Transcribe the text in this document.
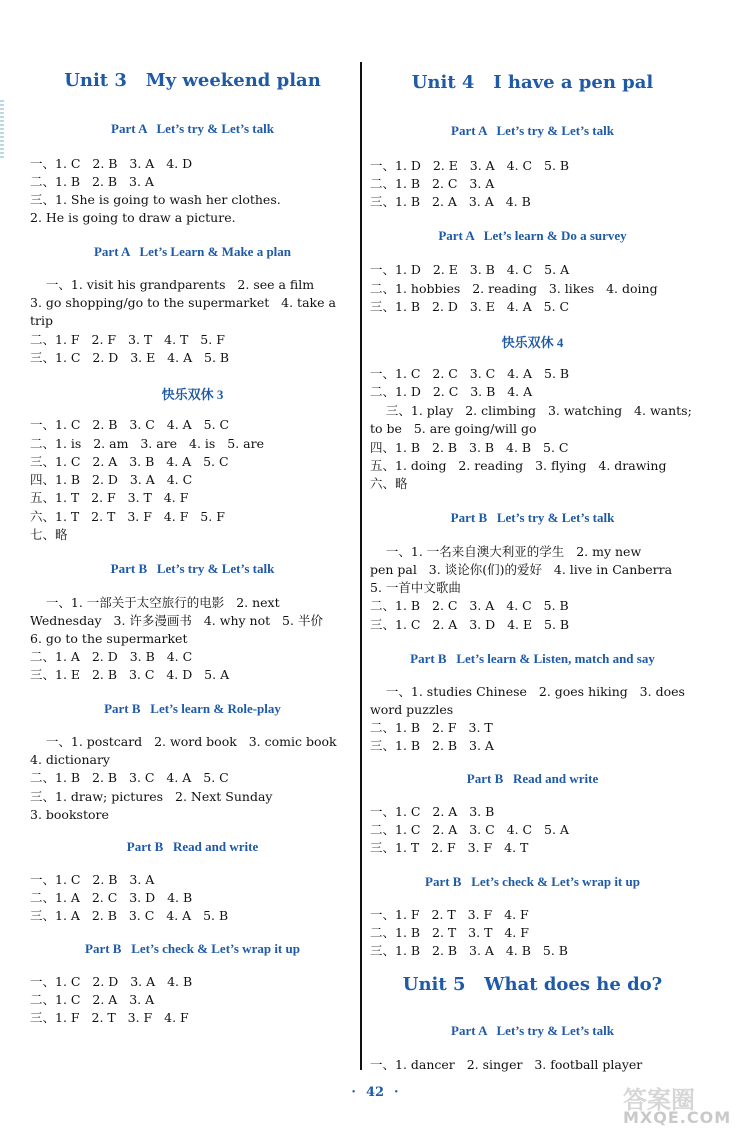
Unit 3   My weekend plan
Part A   Let’s try & Let’s talk
一、1. C   2. B   3. A   4. D
二、1. B   2. B   3. A
三、1. She is going to wash her clothes.
2. He is going to draw a picture.
Part A   Let’s Learn & Make a plan
一、1. visit his grandparents   2. see a film
3. go shopping/go to the supermarket   4. take a
trip
二、1. F   2. F   3. T   4. T   5. F
三、1. C   2. D   3. E   4. A   5. B
快乐双休 3
一、1. C   2. B   3. C   4. A   5. C
二、1. is   2. am   3. are   4. is   5. are
三、1. C   2. A   3. B   4. A   5. C
四、1. B   2. D   3. A   4. C
五、1. T   2. F   3. T   4. F
六、1. T   2. T   3. F   4. F   5. F
七、略
Part B   Let’s try & Let’s talk
一、1. 一部关于太空旅行的电影   2. next
Wednesday   3. 许多漫画书   4. why not   5. 半价
6. go to the supermarket
二、1. A   2. D   3. B   4. C
三、1. E   2. B   3. C   4. D   5. A
Part B   Let’s learn & Role-play
一、1. postcard   2. word book   3. comic book
4. dictionary
二、1. B   2. B   3. C   4. A   5. C
三、1. draw; pictures   2. Next Sunday
3. bookstore
Part B   Read and write
一、1. C   2. B   3. A
二、1. A   2. C   3. D   4. B
三、1. A   2. B   3. C   4. A   5. B
Part B   Let’s check & Let’s wrap it up
一、1. C   2. D   3. A   4. B
二、1. C   2. A   3. A
三、1. F   2. T   3. F   4. F
Unit 4   I have a pen pal
Part A   Let’s try & Let’s talk
一、1. D   2. E   3. A   4. C   5. B
二、1. B   2. C   3. A
三、1. B   2. A   3. A   4. B
Part A   Let’s learn & Do a survey
一、1. D   2. E   3. B   4. C   5. A
二、1. hobbies   2. reading   3. likes   4. doing
三、1. B   2. D   3. E   4. A   5. C
快乐双休 4
一、1. C   2. C   3. C   4. A   5. B
二、1. D   2. C   3. B   4. A
三、1. play   2. climbing   3. watching   4. wants;
to be   5. are going/will go
四、1. B   2. B   3. B   4. B   5. C
五、1. doing   2. reading   3. flying   4. drawing
六、略
Part B   Let’s try & Let’s talk
一、1. 一名来自澳大利亚的学生   2. my new
pen pal   3. 谈论你(们)的爱好   4. live in Canberra
5. 一首中文歌曲
二、1. B   2. C   3. A   4. C   5. B
三、1. C   2. A   3. D   4. E   5. B
Part B   Let’s learn & Listen, match and say
一、1. studies Chinese   2. goes hiking   3. does
word puzzles
二、1. B   2. F   3. T
三、1. B   2. B   3. A
Part B   Read and write
一、1. C   2. A   3. B
二、1. C   2. A   3. C   4. C   5. A
三、1. T   2. F   3. F   4. T
Part B   Let’s check & Let’s wrap it up
一、1. F   2. T   3. F   4. F
二、1. B   2. T   3. T   4. F
三、1. B   2. B   3. A   4. B   5. B
Unit 5   What does he do?
Part A   Let’s try & Let’s talk
一、1. dancer   2. singer   3. football player
· 42 ·	答案圈
MXQE.COM
